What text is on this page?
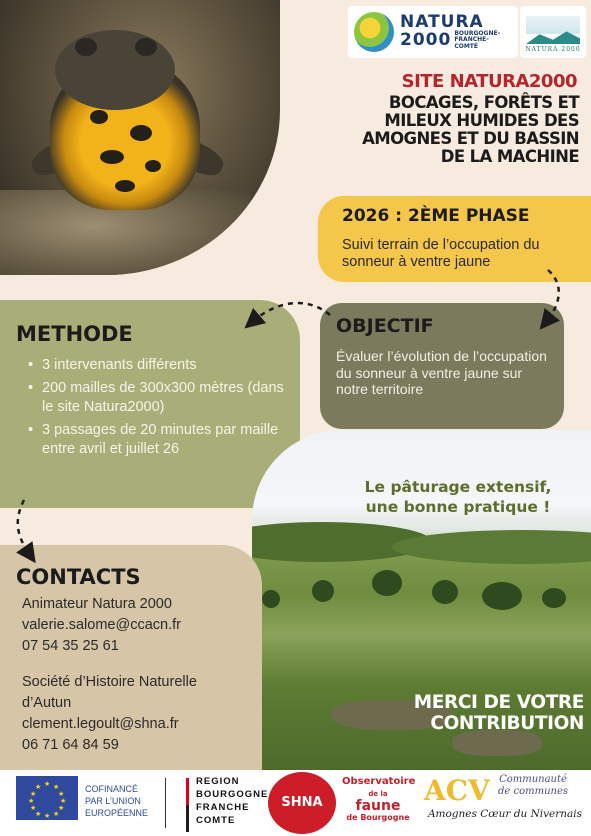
NATURA
2000 BOURGOGNE-
FRANCHE-
COMTÉ	NATURA 2000
SITE NATURA2000
BOCAGES, FORÊTS ET
MILEUX HUMIDES DES
AMOGNES ET DU BASSIN
DE LA MACHINE
2026 : 2ÈME PHASE
Suivi terrain de l’occupation du sonneur à ventre jaune
METHODE
• 3 intervenants différents
• 200 mailles de 300x300 mètres (dans le site Natura2000)
• 3 passages de 20 minutes par maille entre avril et juillet 26
OBJECTIF
Évaluer l’évolution de l’occupation du sonneur à ventre jaune sur notre territoire
Le pâturage extensif,
une bonne pratique !
MERCI DE VOTRE
CONTRIBUTION
CONTACTS
Animateur Natura 2000
valerie.salome@ccacn.fr
07 54 35 25 61
Société d’Histoire Naturelle
d’Autun
clement.legoult@shna.fr
06 71 64 84 59
★ ★
★
★
★
★
★
★
★
★
★
★	COFINANCÉ
PAR L’UNION
EUROPÉENNE
REGION
BOURGOGNE
FRANCHE
COMTE
SHNA
Observatoire
de la
faune
de Bourgogne
ACV Communauté
de communes
Amognes Cœur du Nivernais
